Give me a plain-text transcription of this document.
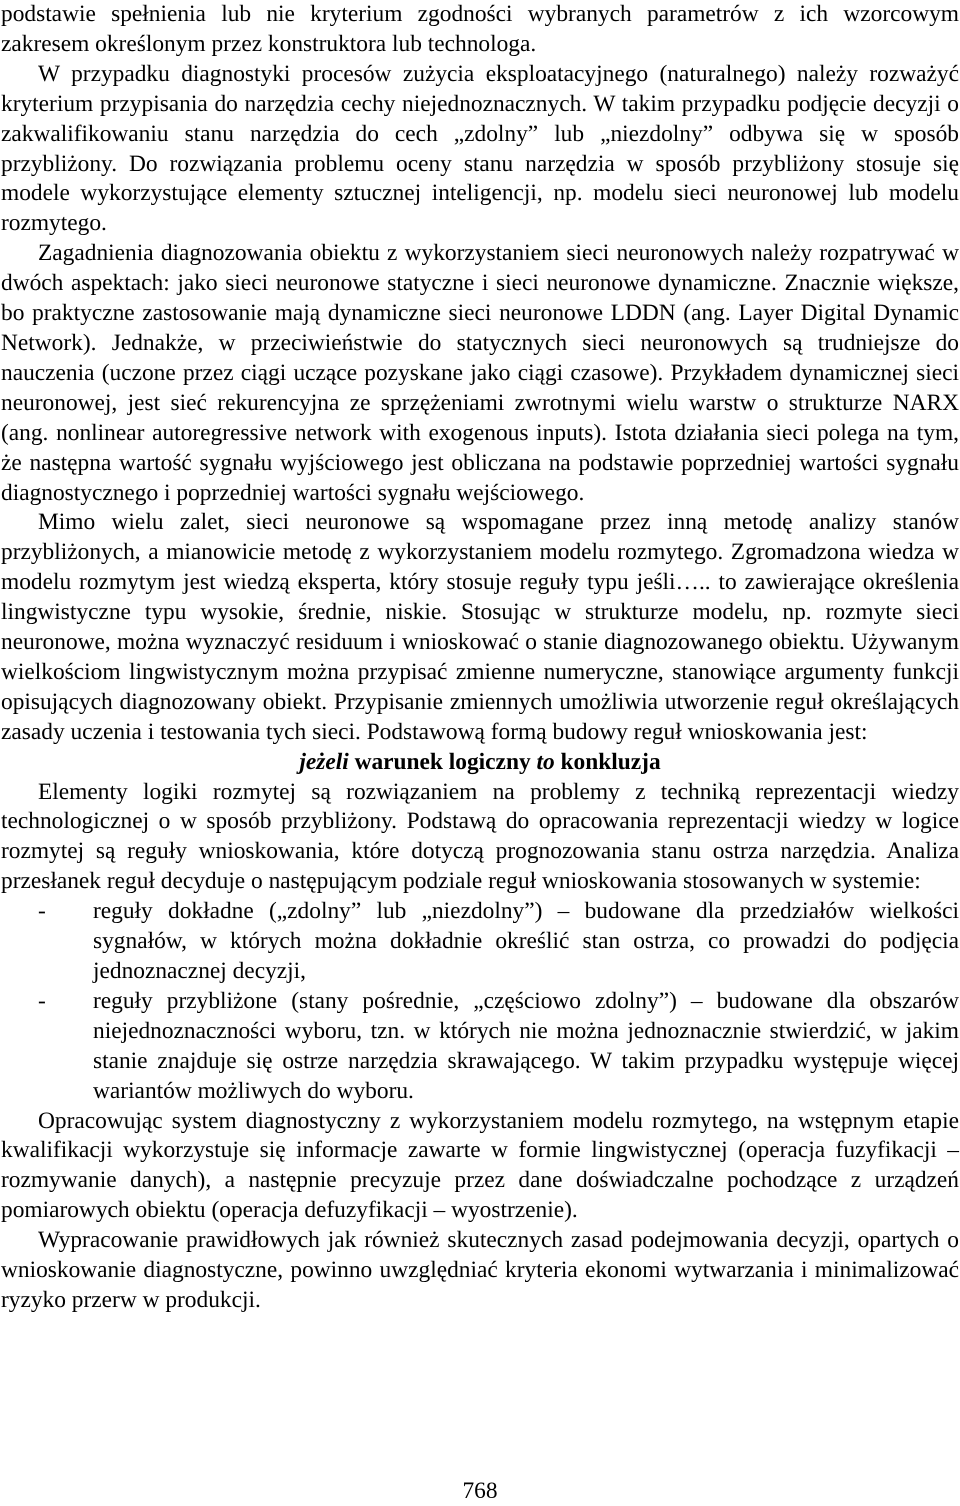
podstawie spełnienia lub nie kryterium zgodności wybranych parametrów z ich wzorcowym zakresem określonym przez konstruktora lub technologa.

W przypadku diagnostyki procesów zużycia eksploatacyjnego (naturalnego) należy rozważyć kryterium przypisania do narzędzia cechy niejednoznacznych. W takim przypadku podjęcie decyzji o zakwalifikowaniu stanu narzędzia do cech „zdolny” lub „niezdolny” odbywa się w sposób przybliżony. Do rozwiązania problemu oceny stanu narzędzia w sposób przybliżony stosuje się modele wykorzystujące elementy sztucznej inteligencji, np. modelu sieci neuronowej lub modelu rozmytego.

Zagadnienia diagnozowania obiektu z wykorzystaniem sieci neuronowych należy rozpatrywać w dwóch aspektach: jako sieci neuronowe statyczne i sieci neuronowe dynamiczne. Znacznie większe, bo praktyczne zastosowanie mają dynamiczne sieci neuronowe LDDN (ang. Layer Digital Dynamic Network). Jednakże, w przeciwieństwie do statycznych sieci neuronowych są trudniejsze do nauczenia (uczone przez ciągi uczące pozyskane jako ciągi czasowe). Przykładem dynamicznej sieci neuronowej, jest sieć rekurencyjna ze sprzężeniami zwrotnymi wielu warstw o strukturze NARX (ang. nonlinear autoregressive network with exogenous inputs). Istota działania sieci polega na tym, że następna wartość sygnału wyjściowego jest obliczana na podstawie poprzedniej wartości sygnału diagnostycznego i poprzedniej wartości sygnału wejściowego.

Mimo wielu zalet, sieci neuronowe są wspomagane przez inną metodę analizy stanów przybliżonych, a mianowicie metodę z wykorzystaniem modelu rozmytego. Zgromadzona wiedza w modelu rozmytym jest wiedzą eksperta, który stosuje reguły typu jeśli….. to zawierające określenia lingwistyczne typu wysokie, średnie, niskie. Stosując w strukturze modelu, np. rozmyte sieci neuronowe, można wyznaczyć residuum i wnioskować o stanie diagnozowanego obiektu. Używanym wielkościom lingwistycznym można przypisać zmienne numeryczne, stanowiące argumenty funkcji opisujących diagnozowany obiekt. Przypisanie zmiennych umożliwia utworzenie reguł określających zasady uczenia i testowania tych sieci. Podstawową formą budowy reguł wnioskowania jest:

jeżeli warunek logiczny to konkluzja

Elementy logiki rozmytej są rozwiązaniem na problemy z techniką reprezentacji wiedzy technologicznej o w sposób przybliżony. Podstawą do opracowania reprezentacji wiedzy w logice rozmytej są reguły wnioskowania, które dotyczą prognozowania stanu ostrza narzędzia. Analiza przesłanek reguł decyduje o następującym podziale reguł wnioskowania stosowanych w systemie:

-	reguły dokładne („zdolny” lub „niezdolny”) – budowane dla przedziałów wielkości sygnałów, w których można dokładnie określić stan ostrza, co prowadzi do podjęcia jednoznacznej decyzji,
-	reguły przybliżone (stany pośrednie, „częściowo zdolny”) – budowane dla obszarów niejednoznaczności wyboru, tzn. w których nie można jednoznacznie stwierdzić, w jakim stanie znajduje się ostrze narzędzia skrawającego. W takim przypadku występuje więcej wariantów możliwych do wyboru.

Opracowując system diagnostyczny z wykorzystaniem modelu rozmytego, na wstępnym etapie kwalifikacji wykorzystuje się informacje zawarte w formie lingwistycznej (operacja fuzyfikacji – rozmywanie danych), a następnie precyzuje przez dane doświadczalne pochodzące z urządzeń pomiarowych obiektu (operacja defuzyfikacji – wyostrzenie).

Wypracowanie prawidłowych jak również skutecznych zasad podejmowania decyzji, opartych o wnioskowanie diagnostyczne, powinno uwzględniać kryteria ekonomi wytwarzania i minimalizować ryzyko przerw w produkcji.

768
